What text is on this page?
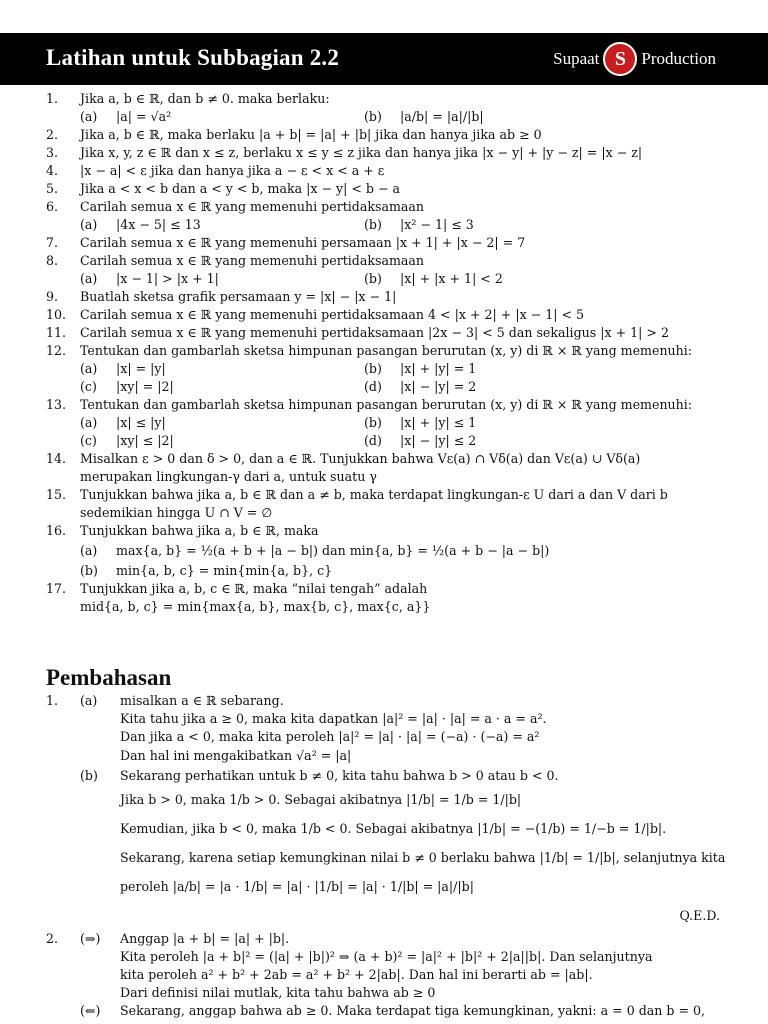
Latihan untuk Subbagian 2.2	Supaat S Production
1. Jika a, b ∈ ℝ, dan b ≠ 0. maka berlaku:
(a) |a| = √a²	(b) |a/b| = |a|/|b|
2. Jika a, b ∈ ℝ, maka berlaku |a + b| = |a| + |b| jika dan hanya jika ab ≥ 0
3. Jika x, y, z ∈ ℝ dan x ≤ z, berlaku x ≤ y ≤ z jika dan hanya jika |x − y| + |y − z| = |x − z|
4. |x − a| < ε jika dan hanya jika a − ε < x < a + ε
5. Jika a < x < b dan a < y < b, maka |x − y| < b − a
6. Carilah semua x ∈ ℝ yang memenuhi pertidaksamaan
(a) |4x − 5| ≤ 13	(b) |x² − 1| ≤ 3
7. Carilah semua x ∈ ℝ yang memenuhi persamaan |x + 1| + |x − 2| = 7
8. Carilah semua x ∈ ℝ yang memenuhi pertidaksamaan
(a) |x − 1| > |x + 1|	(b) |x| + |x + 1| < 2
9. Buatlah sketsa grafik persamaan y = |x| − |x − 1|
10. Carilah semua x ∈ ℝ yang memenuhi pertidaksamaan 4 < |x + 2| + |x − 1| < 5
11. Carilah semua x ∈ ℝ yang memenuhi pertidaksamaan |2x − 3| < 5 dan sekaligus |x + 1| > 2
12. Tentukan dan gambarlah sketsa himpunan pasangan berurutan (x, y) di ℝ × ℝ yang memenuhi:
(a) |x| = |y|	(b) |x| + |y| = 1
(c) |xy| = |2|	(d) |x| − |y| = 2
13. Tentukan dan gambarlah sketsa himpunan pasangan berurutan (x, y) di ℝ × ℝ yang memenuhi:
(a) |x| ≤ |y|	(b) |x| + |y| ≤ 1
(c) |xy| ≤ |2|	(d) |x| − |y| ≤ 2
14. Misalkan ε > 0 dan δ > 0, dan a ∈ ℝ. Tunjukkan bahwa Vε(a) ∩ Vδ(a) dan Vε(a) ∪ Vδ(a)
merupakan lingkungan-γ dari a, untuk suatu γ
15. Tunjukkan bahwa jika a, b ∈ ℝ dan a ≠ b, maka terdapat lingkungan-ε U dari a dan V dari b
sedemikian hingga U ∩ V = ∅
16. Tunjukkan bahwa jika a, b ∈ ℝ, maka
(a) max{a, b} = ½(a + b + |a − b|) dan min{a, b} = ½(a + b − |a − b|)
(b) min{a, b, c} = min{min{a, b}, c}
17. Tunjukkan jika a, b, c ∈ ℝ, maka “nilai tengah” adalah
mid{a, b, c} = min{max{a, b}, max{b, c}, max{c, a}}
Pembahasan
1. (a) misalkan a ∈ ℝ sebarang.
Kita tahu jika a ≥ 0, maka kita dapatkan |a|² = |a| · |a| = a · a = a².
Dan jika a < 0, maka kita peroleh |a|² = |a| · |a| = (−a) · (−a) = a²
Dan hal ini mengakibatkan √a² = |a|
(b) Sekarang perhatikan untuk b ≠ 0, kita tahu bahwa b > 0 atau b < 0.
Jika b > 0, maka 1/b > 0. Sebagai akibatnya |1/b| = 1/b = 1/|b|
Kemudian, jika b < 0, maka 1/b < 0. Sebagai akibatnya |1/b| = −(1/b) = 1/−b = 1/|b|.
Sekarang, karena setiap kemungkinan nilai b ≠ 0 berlaku bahwa |1/b| = 1/|b|, selanjutnya kita
peroleh |a/b| = |a · 1/b| = |a| · |1/b| = |a| · 1/|b| = |a|/|b|
Q.E.D.
2. (⇒) Anggap |a + b| = |a| + |b|.
Kita peroleh |a + b|² = (|a| + |b|)² ⇒ (a + b)² = |a|² + |b|² + 2|a||b|. Dan selanjutnya
kita peroleh a² + b² + 2ab = a² + b² + 2|ab|. Dan hal ini berarti ab = |ab|.
Dari definisi nilai mutlak, kita tahu bahwa ab ≥ 0
(⇐) Sekarang, anggap bahwa ab ≥ 0. Maka terdapat tiga kemungkinan, yakni: a = 0 dan b = 0,
